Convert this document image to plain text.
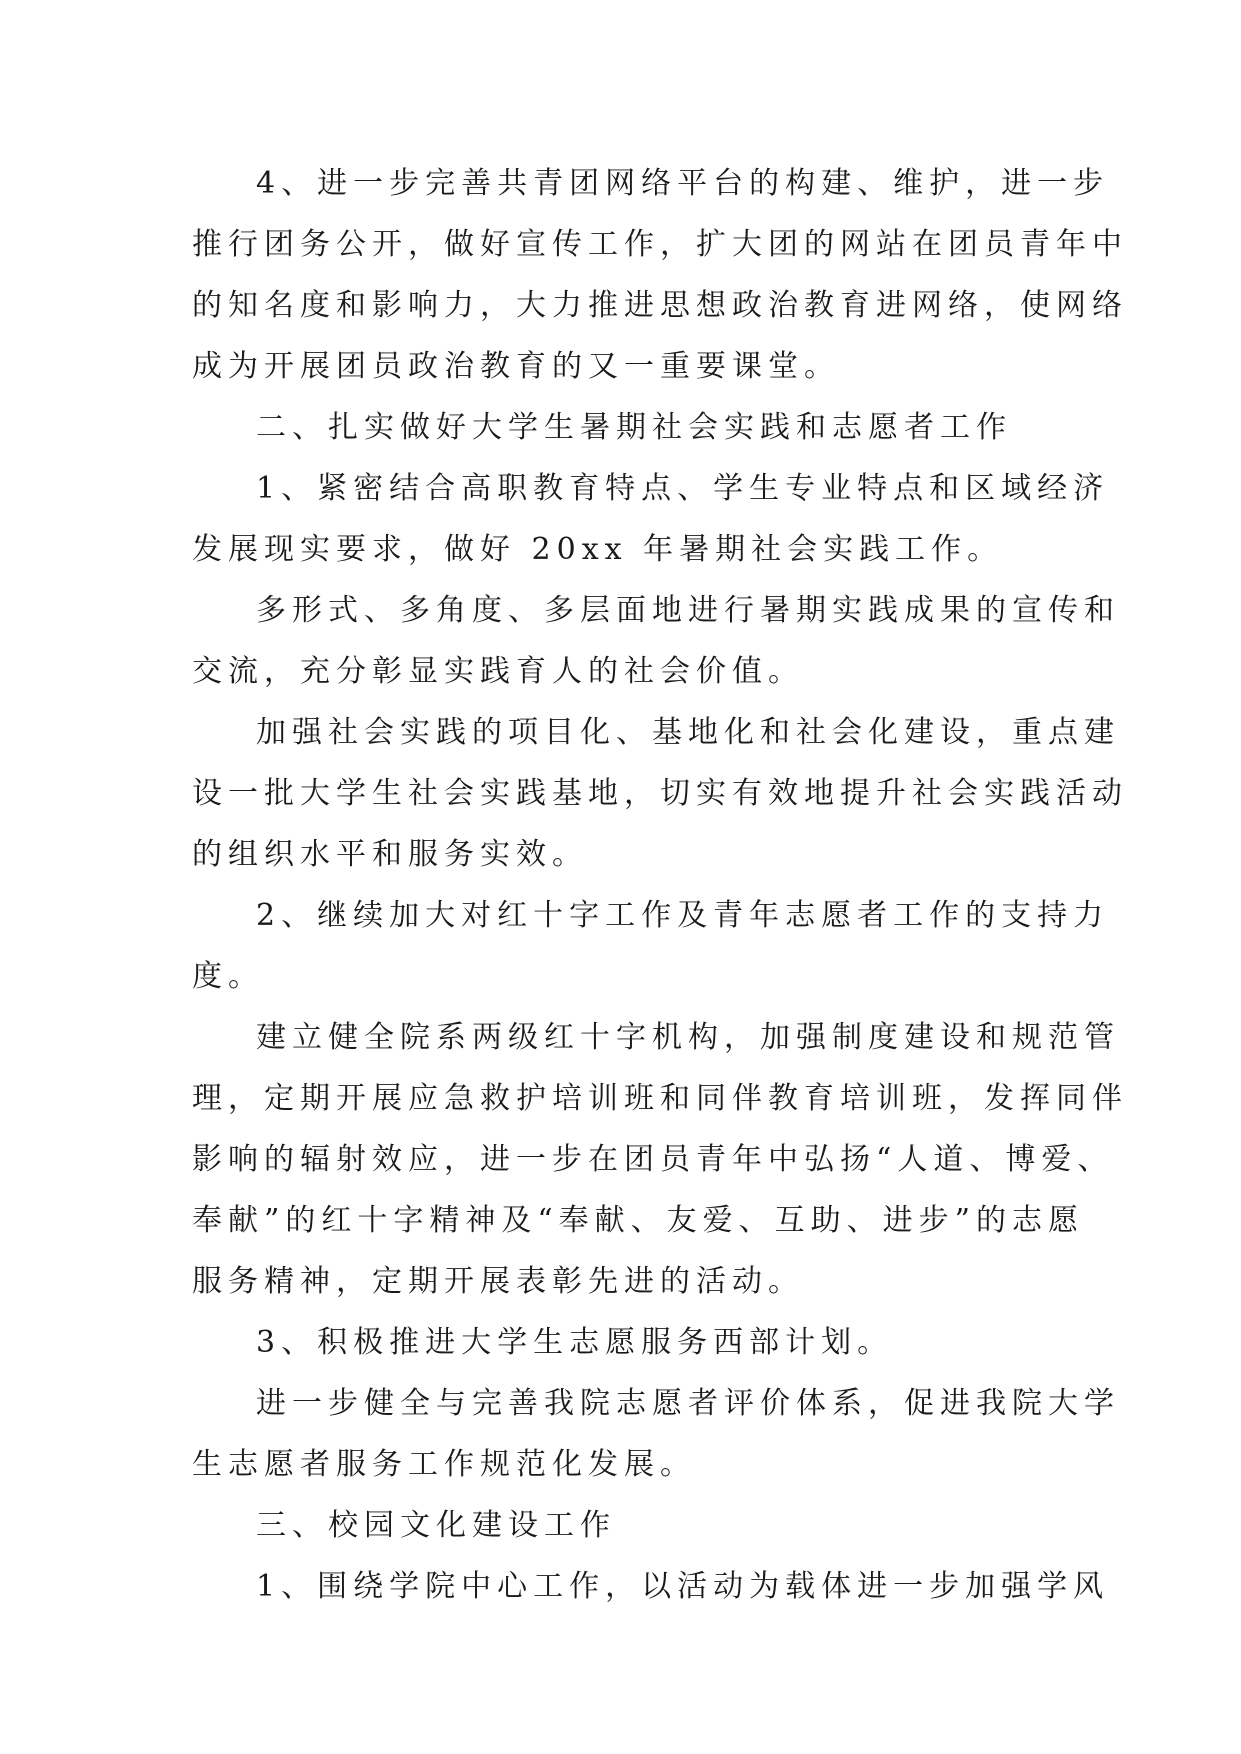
4、进一步完善共青团网络平台的构建、维护，进一步
推行团务公开，做好宣传工作，扩大团的网站在团员青年中
的知名度和影响力，大力推进思想政治教育进网络，使网络
成为开展团员政治教育的又一重要课堂。
二、扎实做好大学生暑期社会实践和志愿者工作
1、紧密结合高职教育特点、学生专业特点和区域经济
发展现实要求，做好 20xx 年暑期社会实践工作。
多形式、多角度、多层面地进行暑期实践成果的宣传和
交流，充分彰显实践育人的社会价值。
加强社会实践的项目化、基地化和社会化建设，重点建
设一批大学生社会实践基地，切实有效地提升社会实践活动
的组织水平和服务实效。
2、继续加大对红十字工作及青年志愿者工作的支持力
度。
建立健全院系两级红十字机构，加强制度建设和规范管
理，定期开展应急救护培训班和同伴教育培训班，发挥同伴
影响的辐射效应，进一步在团员青年中弘扬“人道、博爱、
奉献”的红十字精神及“奉献、友爱、互助、进步”的志愿
服务精神，定期开展表彰先进的活动。
3、积极推进大学生志愿服务西部计划。
进一步健全与完善我院志愿者评价体系，促进我院大学
生志愿者服务工作规范化发展。
三、校园文化建设工作
1、围绕学院中心工作，以活动为载体进一步加强学风
